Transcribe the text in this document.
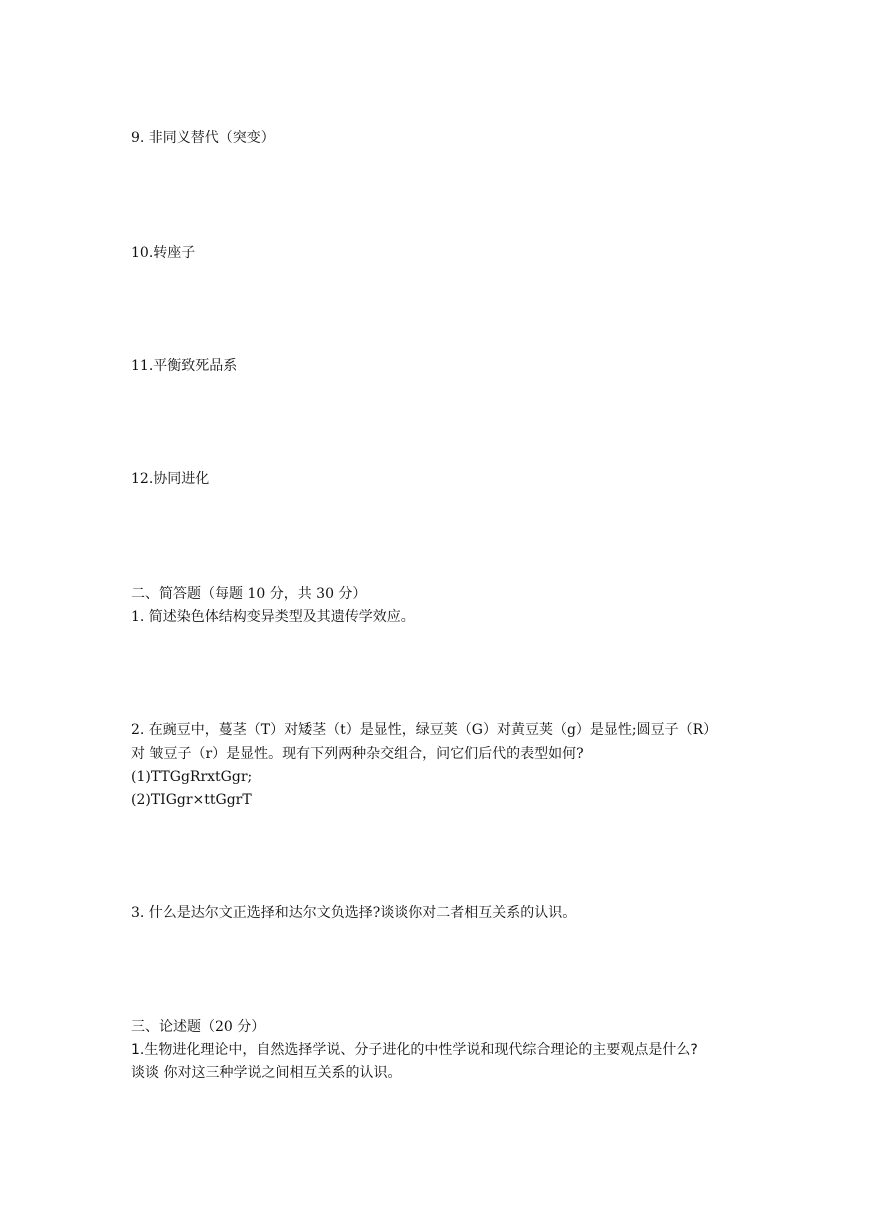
9. 非同义替代（突变）
10.转座子
11.平衡致死品系
12.协同进化
二、简答题（每题 10 分，共 30 分）
1. 简述染色体结构变异类型及其遗传学效应。
2. 在豌豆中，蔓茎（T）对矮茎（t）是显性，绿豆荚（G）对黄豆荚（g）是显性;圆豆子（R）
对 皱豆子（r）是显性。现有下列两种杂交组合，问它们后代的表型如何?
(1)TTGgRrxtGgr;
(2)TIGgr×ttGgrT
3. 什么是达尔文正选择和达尔文负选择?谈谈你对二者相互关系的认识。
三、论述题（20 分）
1.生物进化理论中，自然选择学说、分子进化的中性学说和现代综合理论的主要观点是什么?
谈谈 你对这三种学说之间相互关系的认识。
